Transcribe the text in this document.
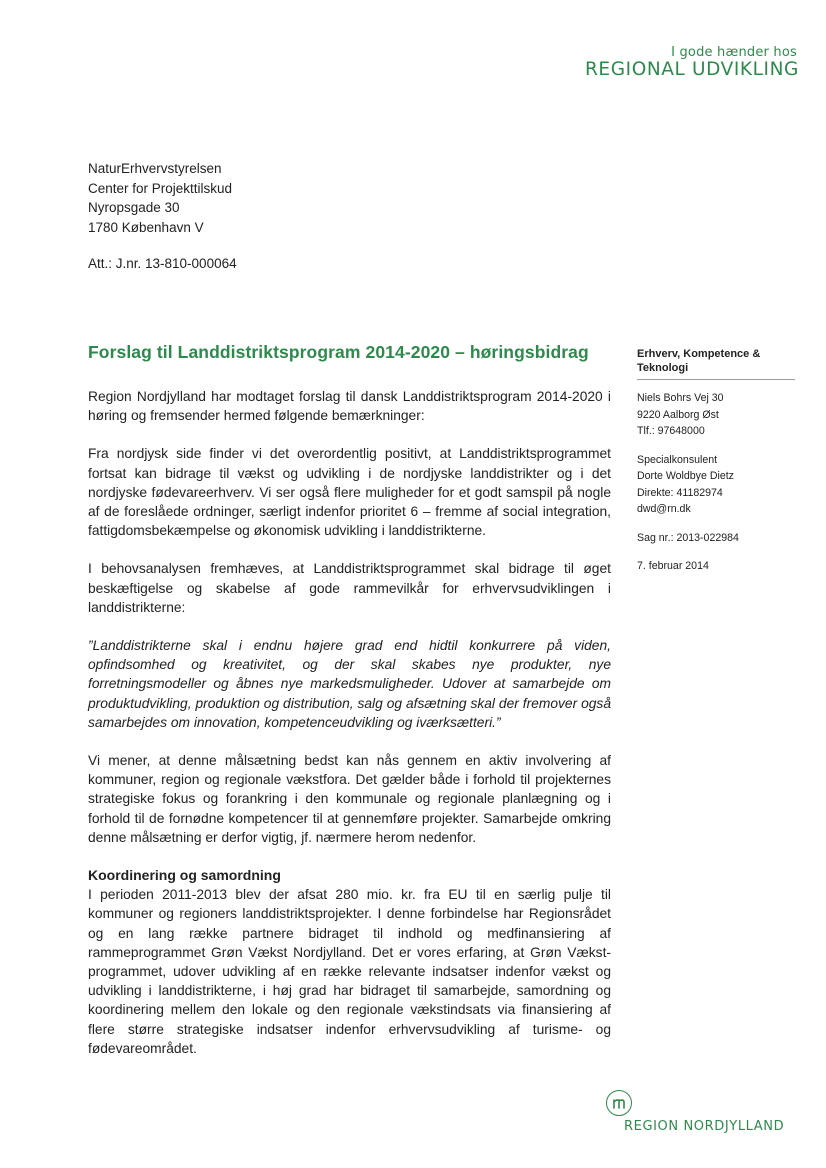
I gode hænder hos
REGIONAL UDVIKLING
NaturErhvervstyrelsen
Center for Projekttilskud
Nyropsgade 30
1780 København V
Att.: J.nr. 13-810-000064
Forslag til Landdistriktsprogram 2014-2020 – høringsbidrag	Erhverv, Kompetence & Teknologi
Niels Bohrs Vej 30
9220 Aalborg Øst
Tlf.: 97648000
Specialkonsulent
Dorte Woldbye Dietz
Direkte: 41182974
dwd@rn.dk
Sag nr.: 2013-022984
7. februar 2014

Region Nordjylland har modtaget forslag til dansk Landdistriktsprogram 2014-2020 i høring og fremsender hermed følgende bemærkninger:

Fra nordjysk side finder vi det overordentlig positivt, at Landdistriktsprogrammet fortsat kan bidrage til vækst og udvikling i de nordjyske landdistrikter og i det nordjyske fødevareerhverv. Vi ser også flere muligheder for et godt samspil på nogle af de foreslåede ordninger, særligt indenfor prioritet 6 – fremme af social integration, fattigdomsbekæmpelse og økonomisk udvikling i landdistrikterne.

I behovsanalysen fremhæves, at Landdistriktsprogrammet skal bidrage til øget beskæftigelse og skabelse af gode rammevilkår for erhvervsudviklingen i landdistrikterne:

”Landdistrikterne skal i endnu højere grad end hidtil konkurrere på viden, opfindsomhed og kreativitet, og der skal skabes nye produkter, nye forretningsmodeller og åbnes nye markedsmuligheder. Udover at samarbejde om produktudvikling, produktion og distribution, salg og afsætning skal der fremover også samarbejdes om innovation, kompetenceudvikling og iværksætteri.”

Vi mener, at denne målsætning bedst kan nås gennem en aktiv involvering af kommuner, region og regionale vækstfora. Det gælder både i forhold til projekternes strategiske fokus og forankring i den kommunale og regionale planlægning og i forhold til de fornødne kompetencer til at gennemføre projekter. Samarbejde omkring denne målsætning er derfor vigtig, jf. nærmere herom nedenfor.

Koordinering og samordning

I perioden 2011-2013 blev der afsat 280 mio. kr. fra EU til en særlig pulje til kommuner og regioners landdistriktsprojekter. I denne forbindelse har Regionsrådet og en lang række partnere bidraget til indhold og medfinansiering af rammeprogrammet Grøn Vækst Nordjylland. Det er vores erfaring, at Grøn Vækst-programmet, udover udvikling af en række relevante indsatser indenfor vækst og udvikling i landdistrikterne, i høj grad har bidraget til samarbejde, samordning og koordinering mellem den lokale og den regionale vækstindsats via finansiering af flere større strategiske indsatser indenfor erhvervsudvikling af turisme- og fødevareområdet.

REGION NORDJYLLAND
